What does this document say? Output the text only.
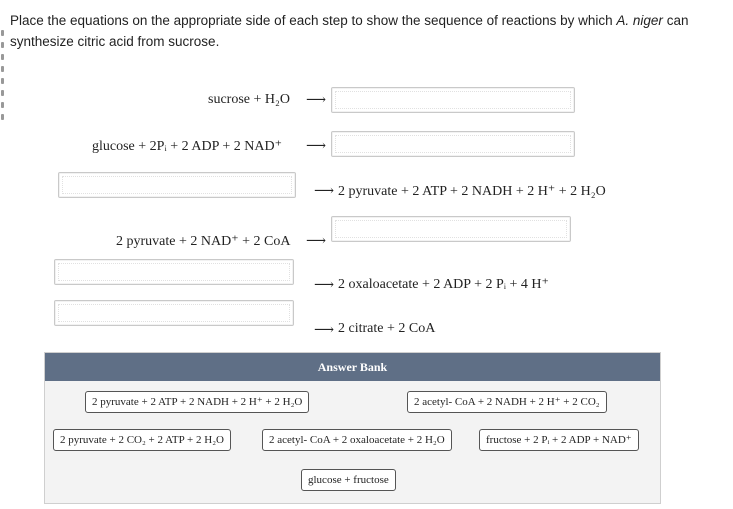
Place the equations on the appropriate side of each step to show the sequence of reactions by which A. niger can synthesize citric acid from sucrose.
sucrose + H₂O ⟶
glucose + 2Pᵢ + 2 ADP + 2 NAD⁺ ⟶
⟶ 2 pyruvate + 2 ATP + 2 NADH + 2 H⁺ + 2 H₂O
2 pyruvate + 2 NAD⁺ + 2 CoA ⟶
⟶ 2 oxaloacetate + 2 ADP + 2 Pᵢ + 4 H⁺
⟶ 2 citrate + 2 CoA
Answer Bank
2 pyruvate + 2 ATP + 2 NADH + 2 H⁺ + 2 H₂O	2 acetyl- CoA + 2 NADH + 2 H⁺ + 2 CO₂
2 pyruvate + 2 CO₂ + 2 ATP + 2 H₂O	2 acetyl- CoA + 2 oxaloacetate + 2 H₂O	fructose + 2 Pᵢ + 2 ADP + NAD⁺
glucose + fructose
